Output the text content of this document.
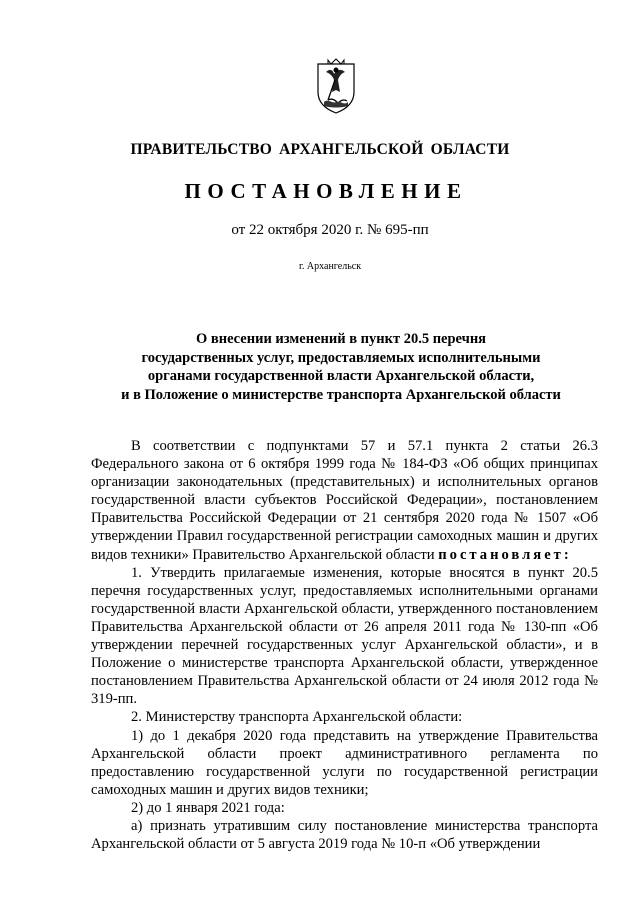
ПРАВИТЕЛЬСТВО АРХАНГЕЛЬСКОЙ ОБЛАСТИ
ПОСТАНОВЛЕНИЕ
от 22 октября 2020 г. № 695-пп
г. Архангельск
О внесении изменений в пункт 20.5 перечня
государственных услуг, предоставляемых исполнительными
органами государственной власти Архангельской области,
и в Положение о министерстве транспорта Архангельской области

В соответствии с подпунктами 57 и 57.1 пункта 2 статьи 26.3 Федерального закона от 6 октября 1999 года № 184-ФЗ «Об общих принципах организации законодательных (представительных) и исполнительных органов государственной власти субъектов Российской Федерации», постановлением Правительства Российской Федерации от 21 сентября 2020 года № 1507 «Об утверждении Правил государственной регистрации самоходных машин и других видов техники» Правительство Архангельской области постановляет:

1. Утвердить прилагаемые изменения, которые вносятся в пункт 20.5 перечня государственных услуг, предоставляемых исполнительными органами государственной власти Архангельской области, утвержденного постановлением Правительства Архангельской области от 26 апреля 2011 года № 130-пп «Об утверждении перечней государственных услуг Архангельской области», и в Положение о министерстве транспорта Архангельской области, утвержденное постановлением Правительства Архангельской области от 24 июля 2012 года № 319-пп.

2. Министерству транспорта Архангельской области:

1) до 1 декабря 2020 года представить на утверждение Правительства Архангельской области проект административного регламента по предоставлению государственной услуги по государственной регистрации самоходных машин и других видов техники;

2) до 1 января 2021 года:

а) признать утратившим силу постановление министерства транспорта Архангельской области от 5 августа 2019 года № 10-п «Об утверждении
